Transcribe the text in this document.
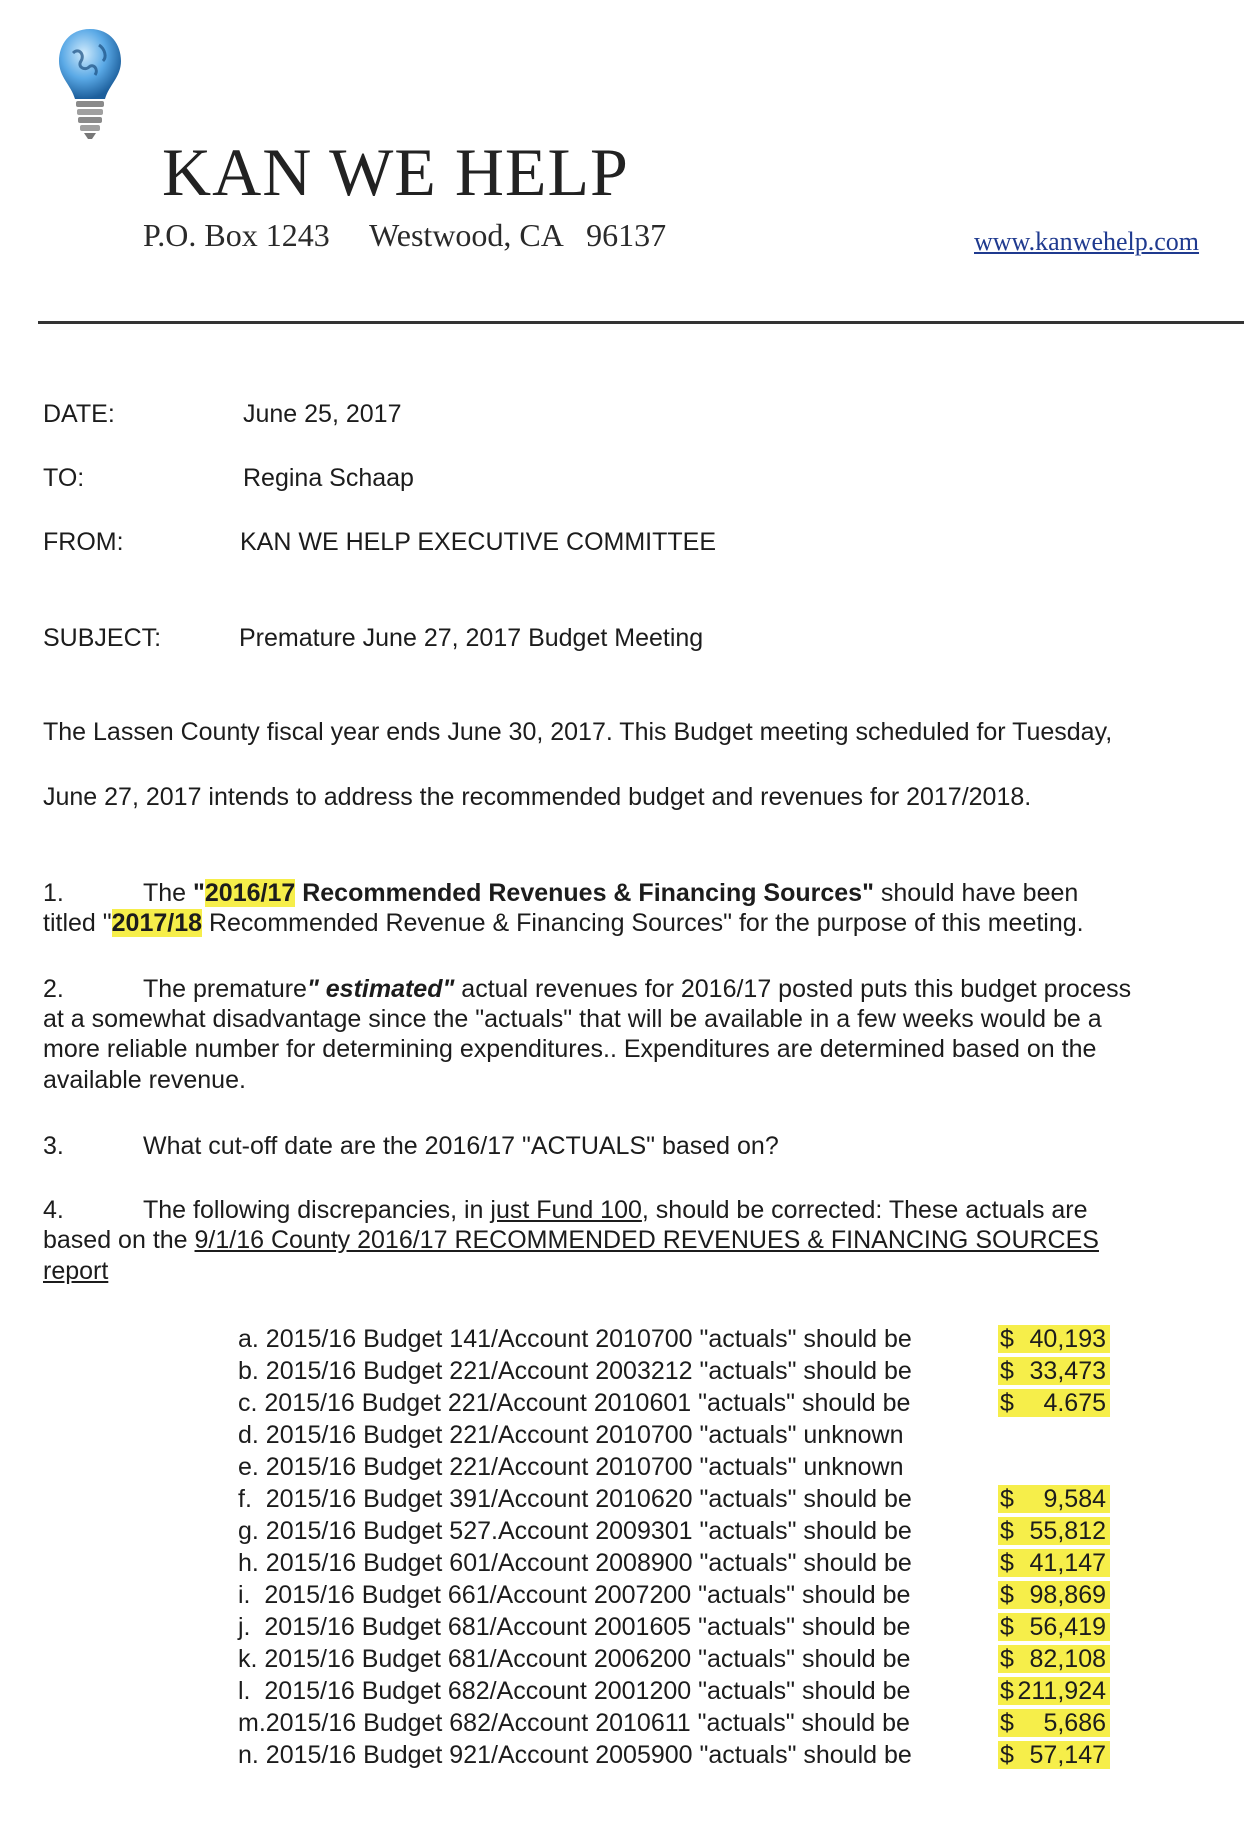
KAN WE HELP
P.O. Box 1243     Westwood, CA   96137	www.kanwehelp.com
DATE:	June 25, 2017
TO:	Regina Schaap
FROM:	KAN WE HELP EXECUTIVE COMMITTEE
SUBJECT:	Premature June 27, 2017 Budget Meeting
The Lassen County fiscal year ends June 30, 2017. This Budget meeting scheduled for Tuesday,
June 27, 2017 intends to address the recommended budget and revenues for 2017/2018.
1.	The "2016/17 Recommended Revenues & Financing Sources" should have been
titled "2017/18 Recommended Revenue & Financing Sources" for the purpose of this meeting.
2.	The premature" estimated" actual revenues for 2016/17 posted puts this budget process
at a somewhat disadvantage since the "actuals" that will be available in a few weeks would be a
more reliable number for determining expenditures.. Expenditures are determined based on the
available revenue.
3.	What cut-off date are the 2016/17 "ACTUALS" based on?
4.	The following discrepancies, in just Fund 100, should be corrected: These actuals are
based on the 9/1/16 County 2016/17 RECOMMENDED REVENUES & FINANCING SOURCES
report
a. 2015/16 Budget 141/Account 2010700 "actuals" should be	$ 40,193
b. 2015/16 Budget 221/Account 2003212 "actuals" should be	$ 33,473
c. 2015/16 Budget 221/Account 2010601 "actuals" should be	$ 4.675
d. 2015/16 Budget 221/Account 2010700 "actuals" unknown
e. 2015/16 Budget 221/Account 2010700 "actuals" unknown
f.  2015/16 Budget 391/Account 2010620 "actuals" should be	$ 9,584
g. 2015/16 Budget 527.Account 2009301 "actuals" should be	$ 55,812
h. 2015/16 Budget 601/Account 2008900 "actuals" should be	$ 41,147
i.  2015/16 Budget 661/Account 2007200 "actuals" should be	$ 98,869
j.  2015/16 Budget 681/Account 2001605 "actuals" should be	$ 56,419
k. 2015/16 Budget 681/Account 2006200 "actuals" should be	$ 82,108
l.  2015/16 Budget 682/Account 2001200 "actuals" should be	$ 211,924
m.2015/16 Budget 682/Account 2010611 "actuals" should be	$ 5,686
n. 2015/16 Budget 921/Account 2005900 "actuals" should be	$ 57,147
